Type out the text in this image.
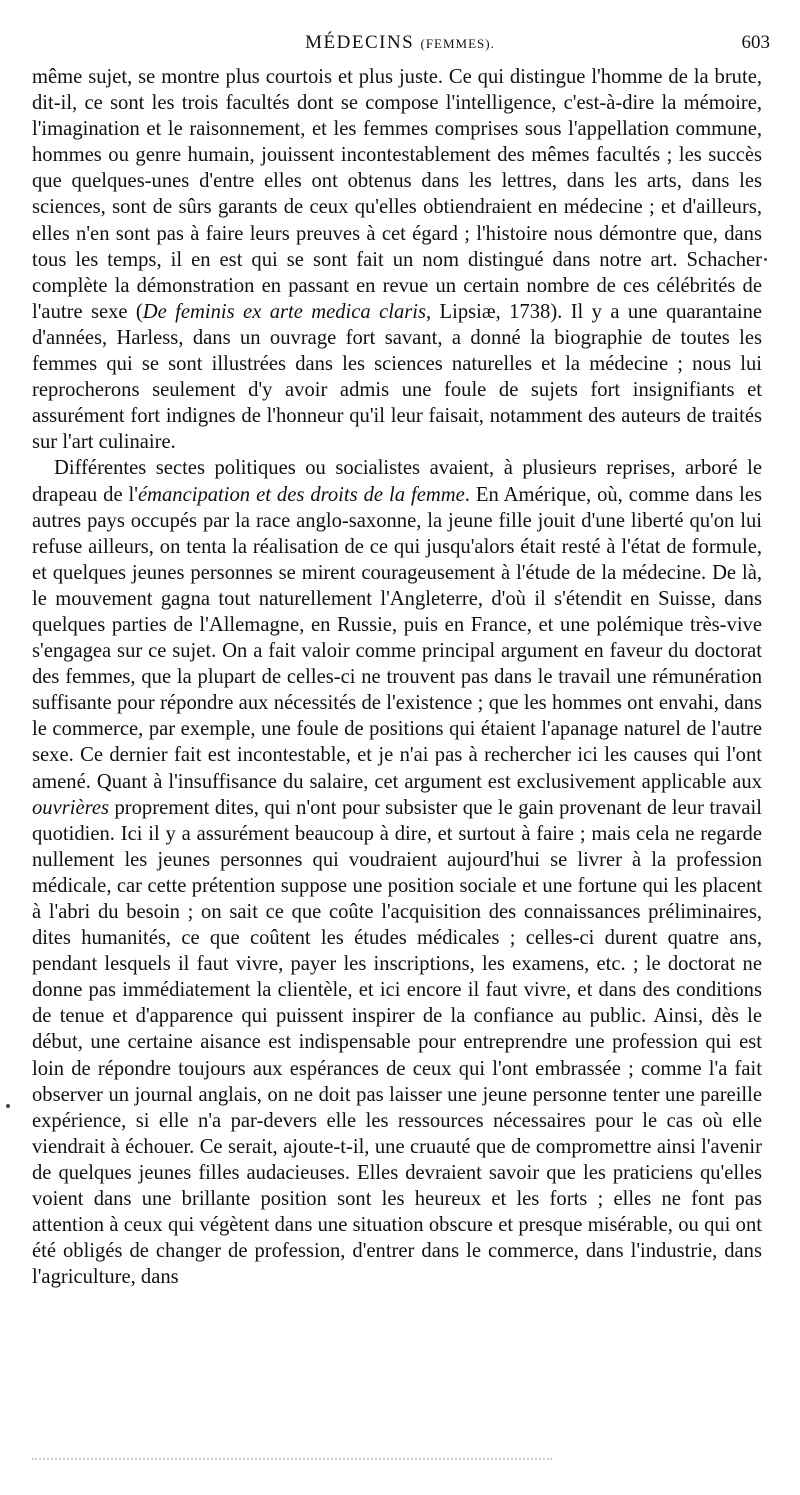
MÉDECINS (FEMMES).	603

même sujet, se montre plus courtois et plus juste. Ce qui distingue l'homme de la brute, dit-il, ce sont les trois facultés dont se compose l'intelligence, c'est-à-dire la mémoire, l'imagination et le raisonnement, et les femmes comprises sous l'appellation commune, hommes ou genre humain, jouissent incontestablement des mêmes facultés ; les succès que quelques-unes d'entre elles ont obtenus dans les lettres, dans les arts, dans les sciences, sont de sûrs garants de ceux qu'elles obtiendraient en médecine ; et d'ailleurs, elles n'en sont pas à faire leurs preuves à cet égard ; l'histoire nous démontre que, dans tous les temps, il en est qui se sont fait un nom distingué dans notre art. Schacher complète la démonstration en passant en revue un certain nombre de ces célébrités de l'autre sexe (De feminis ex arte medica claris, Lipsiæ, 1738). Il y a une quarantaine d'années, Harless, dans un ouvrage fort savant, a donné la biographie de toutes les femmes qui se sont illustrées dans les sciences naturelles et la médecine ; nous lui reprocherons seulement d'y avoir admis une foule de sujets fort insignifiants et assurément fort indignes de l'honneur qu'il leur faisait, notamment des auteurs de traités sur l'art culinaire.

Différentes sectes politiques ou socialistes avaient, à plusieurs reprises, arboré le drapeau de l'émancipation et des droits de la femme. En Amérique, où, comme dans les autres pays occupés par la race anglo-saxonne, la jeune fille jouit d'une liberté qu'on lui refuse ailleurs, on tenta la réalisation de ce qui jusqu'alors était resté à l'état de formule, et quelques jeunes personnes se mirent courageusement à l'étude de la médecine. De là, le mouvement gagna tout naturellement l'Angleterre, d'où il s'étendit en Suisse, dans quelques parties de l'Allemagne, en Russie, puis en France, et une polémique très-vive s'engagea sur ce sujet. On a fait valoir comme principal argument en faveur du doctorat des femmes, que la plupart de celles-ci ne trouvent pas dans le travail une rémunération suffisante pour répondre aux nécessités de l'existence ; que les hommes ont envahi, dans le commerce, par exemple, une foule de positions qui étaient l'apanage naturel de l'autre sexe. Ce dernier fait est incontestable, et je n'ai pas à rechercher ici les causes qui l'ont amené. Quant à l'insuffisance du salaire, cet argument est exclusivement applicable aux ouvrières proprement dites, qui n'ont pour subsister que le gain provenant de leur travail quotidien. Ici il y a assurément beaucoup à dire, et surtout à faire ; mais cela ne regarde nullement les jeunes personnes qui voudraient aujourd'hui se livrer à la profession médicale, car cette prétention suppose une position sociale et une fortune qui les placent à l'abri du besoin ; on sait ce que coûte l'acquisition des connaissances préliminaires, dites humanités, ce que coûtent les études médicales ; celles-ci durent quatre ans, pendant lesquels il faut vivre, payer les inscriptions, les examens, etc. ; le doctorat ne donne pas immédiatement la clientèle, et ici encore il faut vivre, et dans des conditions de tenue et d'apparence qui puissent inspirer de la confiance au public. Ainsi, dès le début, une certaine aisance est indispensable pour entreprendre une profession qui est loin de répondre toujours aux espérances de ceux qui l'ont embrassée ; comme l'a fait observer un journal anglais, on ne doit pas laisser une jeune personne tenter une pareille expérience, si elle n'a par-devers elle les ressources nécessaires pour le cas où elle viendrait à échouer. Ce serait, ajoute-t-il, une cruauté que de compromettre ainsi l'avenir de quelques jeunes filles audacieuses. Elles devraient savoir que les praticiens qu'elles voient dans une brillante position sont les heureux et les forts ; elles ne font pas attention à ceux qui végètent dans une situation obscure et presque misérable, ou qui ont été obligés de changer de profession, d'entrer dans le commerce, dans l'industrie, dans l'agriculture, dans
